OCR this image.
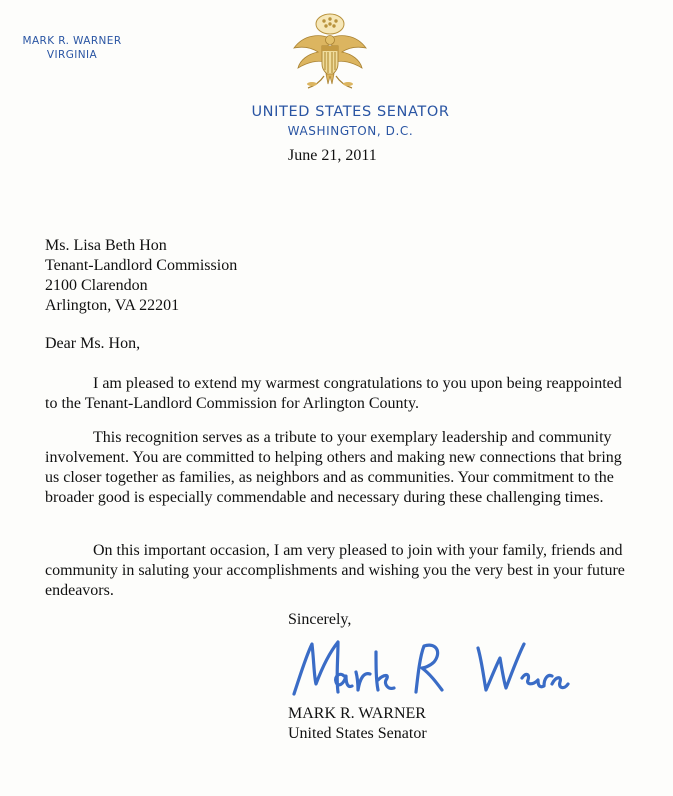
MARK R. WARNER
VIRGINIA

UNITED STATES SENATOR

WASHINGTON, D.C.

June 21, 2011

Ms. Lisa Beth Hon
Tenant-Landlord Commission
2100 Clarendon
Arlington, VA 22201

Dear Ms. Hon,

I am pleased to extend my warmest congratulations to you upon being reappointed to the Tenant-Landlord Commission for Arlington County.

This recognition serves as a tribute to your exemplary leadership and community involvement. You are committed to helping others and making new connections that bring us closer together as families, as neighbors and as communities. Your commitment to the broader good is especially commendable and necessary during these challenging times.

On this important occasion, I am very pleased to join with your family, friends and community in saluting your accomplishments and wishing you the very best in your future endeavors.

Sincerely,

MARK R. WARNER
United States Senator
